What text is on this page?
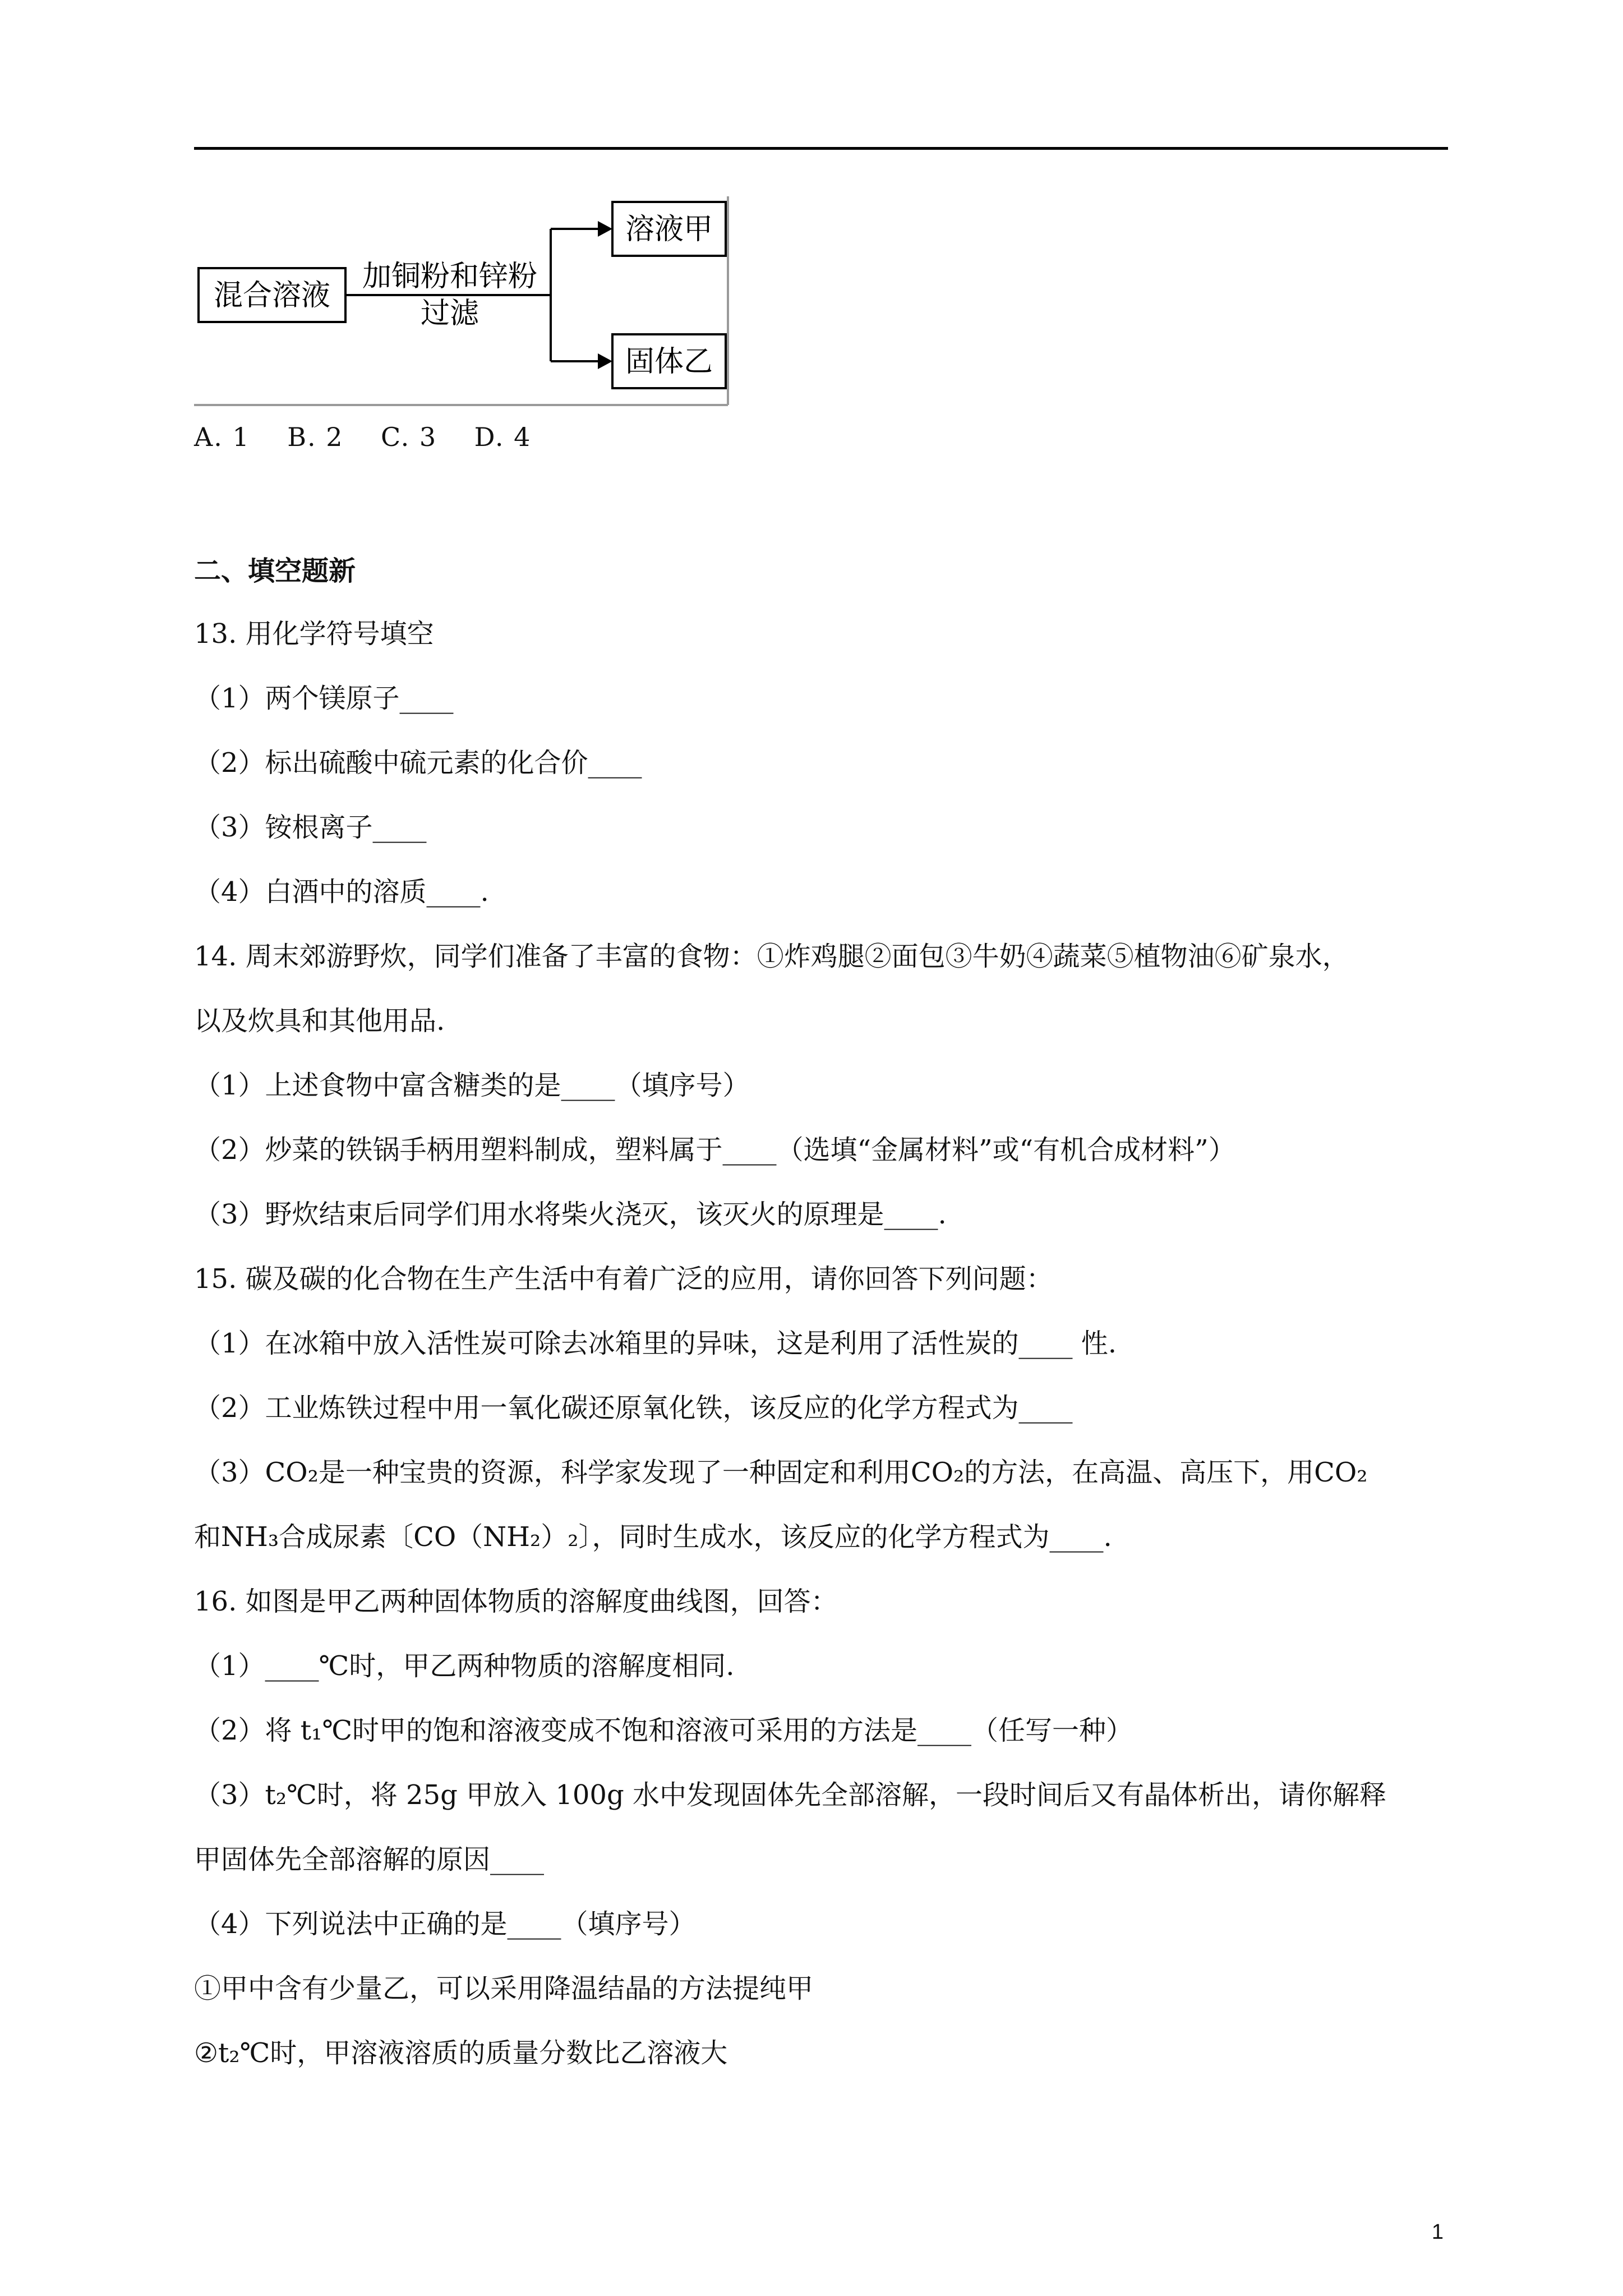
混合溶液
加铜粉和锌粉
过滤
溶液甲
固体乙
A. 1    B. 2    C. 3    D. 4
二、填空题新
13. 用化学符号填空
（1）两个镁原子____
（2）标出硫酸中硫元素的化合价____
（3）铵根离子____
（4）白酒中的溶质____.
14. 周末郊游野炊，同学们准备了丰富的食物：①炸鸡腿②面包③牛奶④蔬菜⑤植物油⑥矿泉水，
以及炊具和其他用品.
（1）上述食物中富含糖类的是____（填序号）
（2）炒菜的铁锅手柄用塑料制成，塑料属于____（选填“金属材料”或“有机合成材料”）
（3）野炊结束后同学们用水将柴火浇灭，该灭火的原理是____.
15. 碳及碳的化合物在生产生活中有着广泛的应用，请你回答下列问题：
（1）在冰箱中放入活性炭可除去冰箱里的异味，这是利用了活性炭的____ 性.
（2）工业炼铁过程中用一氧化碳还原氧化铁，该反应的化学方程式为____
（3）CO₂是一种宝贵的资源，科学家发现了一种固定和利用CO₂的方法，在高温、高压下，用CO₂
和NH₃合成尿素〔CO（NH₂）₂〕，同时生成水，该反应的化学方程式为____.
16. 如图是甲乙两种固体物质的溶解度曲线图，回答：
（1）____℃时，甲乙两种物质的溶解度相同.
（2）将 t₁℃时甲的饱和溶液变成不饱和溶液可采用的方法是____（任写一种）
（3）t₂℃时，将 25g 甲放入 100g 水中发现固体先全部溶解，一段时间后又有晶体析出，请你解释
甲固体先全部溶解的原因____
（4）下列说法中正确的是____（填序号）
①甲中含有少量乙，可以采用降温结晶的方法提纯甲
②t₂℃时，甲溶液溶质的质量分数比乙溶液大
1
